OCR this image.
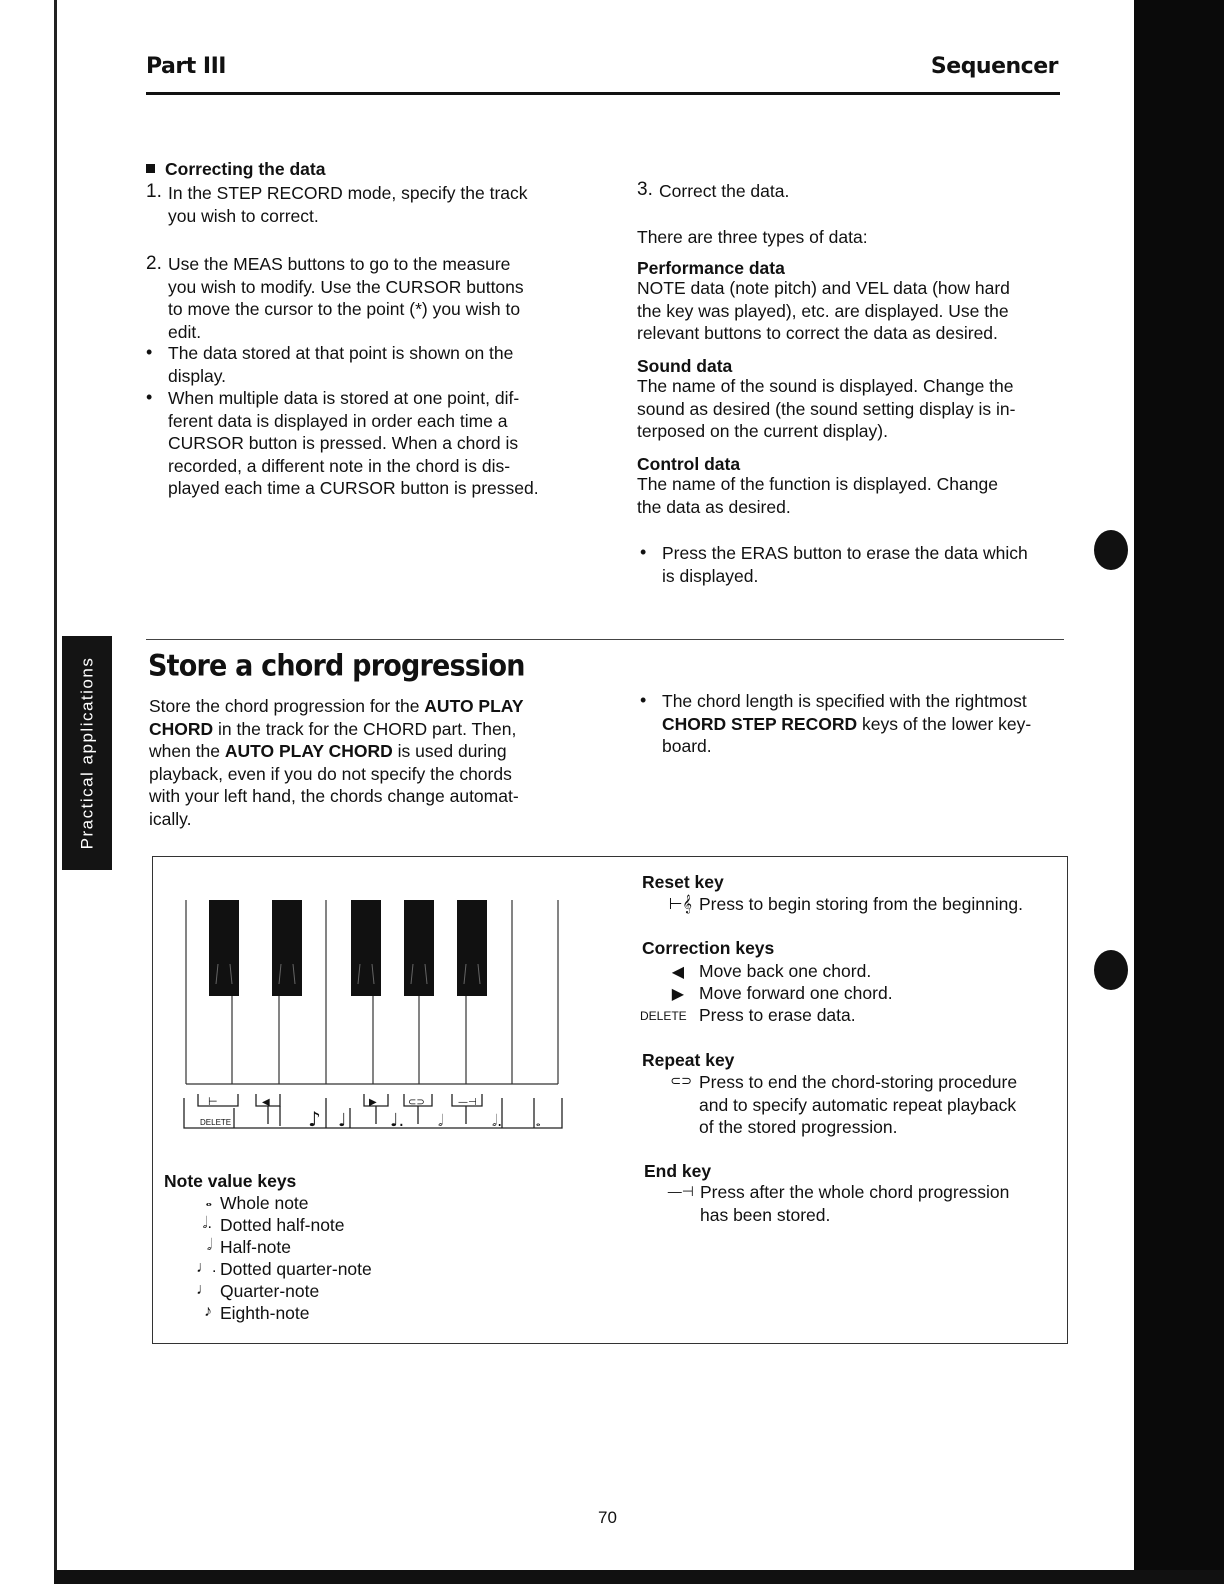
Practical applications
Part III	Sequencer
Correcting the data
1. In the STEP RECORD mode, specify the track
you wish to correct.
2. Use the MEAS buttons to go to the measure
you wish to modify. Use the CURSOR buttons
to move the cursor to the point (*) you wish to
edit.
• The data stored at that point is shown on the
display.
• When multiple data is stored at one point, dif-
ferent data is displayed in order each time a
CURSOR button is pressed. When a chord is
recorded, a different note in the chord is dis-
played each time a CURSOR button is pressed.
3. Correct the data.
There are three types of data:
Performance data
NOTE data (note pitch) and VEL data (how hard
the key was played), etc. are displayed. Use the
relevant buttons to correct the data as desired.
Sound data
The name of the sound is displayed. Change the
sound as desired (the sound setting display is in-
terposed on the current display).
Control data
The name of the function is displayed. Change
the data as desired.
• Press the ERAS button to erase the data which
is displayed.
Store a chord progression
Store the chord progression for the AUTO PLAY
CHORD in the track for the CHORD part. Then,
when the AUTO PLAY CHORD is used during
playback, even if you do not specify the chords
with your left hand, the chords change automat-
ically.
• The chord length is specified with the rightmost
CHORD STEP RECORD keys of the lower key-
board.
⊢	◀	▶	⊂⊃	—⊣
♪ ♩ ♩. 𝅗𝅥	𝅗𝅥.	𝅝
DELETE
Note value keys
𝅝 Whole note
𝅗𝅥. Dotted half-note
𝅗𝅥 Half-note
♩. Dotted quarter-note
♩ Quarter-note
♪ Eighth-note
Reset key
⊢𝄞 Press to begin storing from the beginning.
Correction keys
◀ Move back one chord.
▶ Move forward one chord.
DELETE Press to erase data.
Repeat key
⊂⊃ Press to end the chord-storing procedure
and to specify automatic repeat playback
of the stored progression.
End key
—⊣ Press after the whole chord progression
has been stored.
70
